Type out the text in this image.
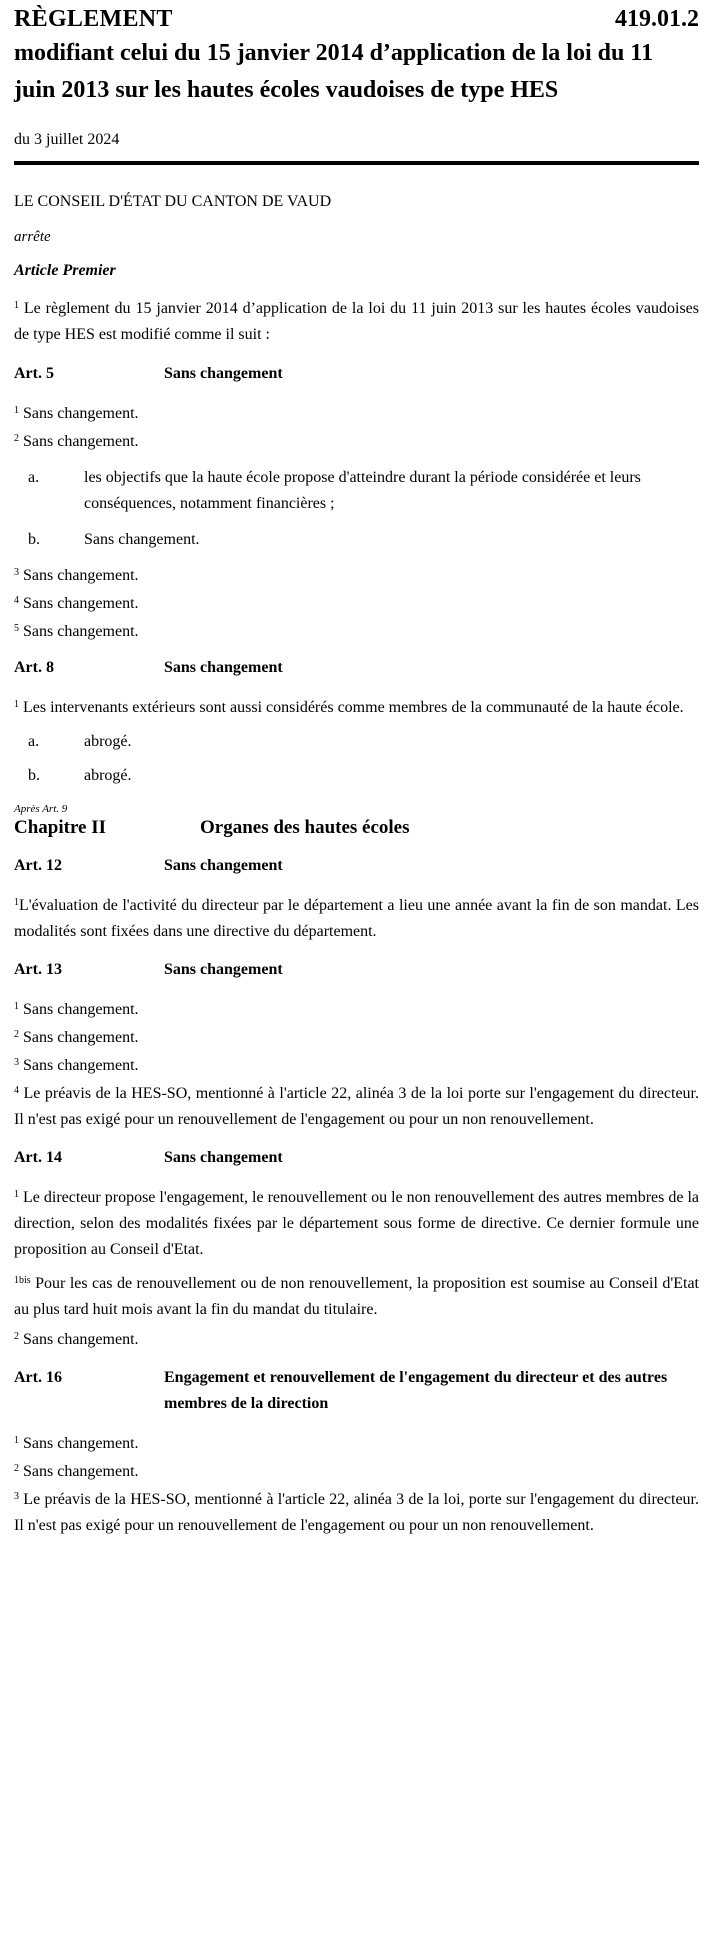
RÈGLEMENT	419.01.2
modifiant celui du 15 janvier 2014 d’application de la loi du 11 juin 2013 sur les hautes écoles vaudoises de type HES
du 3 juillet 2024
LE CONSEIL D'ÉTAT DU CANTON DE VAUD
arrête
Article Premier

$^1$ Le règlement du 15 janvier 2014 d’application de la loi du 11 juin 2013 sur les hautes écoles vaudoises de type HES est modifié comme il suit :

Art. 5	Sans changement

$^1$ Sans changement.

$^2$ Sans changement.

a.	les objectifs que la haute école propose d'atteindre durant la période considérée et leurs conséquences, notamment financières ;
b.	Sans changement.

$^3$ Sans changement.

$^4$ Sans changement.

$^5$ Sans changement.

Art. 8	Sans changement

$^1$ Les intervenants extérieurs sont aussi considérés comme membres de la communauté de la haute école.

a.	abrogé.
b.	abrogé.
Après Art. 9
Chapitre II	Organes des hautes écoles
Art. 12	Sans changement

$^1$L'évaluation de l'activité du directeur par le département a lieu une année avant la fin de son mandat. Les modalités sont fixées dans une directive du département.

Art. 13	Sans changement

$^1$ Sans changement.

$^2$ Sans changement.

$^3$ Sans changement.

$^4$ Le préavis de la HES-SO, mentionné à l'article 22, alinéa 3 de la loi porte sur l'engagement du directeur. Il n'est pas exigé pour un renouvellement de l'engagement ou pour un non renouvellement.

Art. 14	Sans changement

$^1$ Le directeur propose l'engagement, le renouvellement ou le non renouvellement des autres membres de la direction, selon des modalités fixées par le département sous forme de directive. Ce dernier formule une proposition au Conseil d'Etat.

$^{1bis}$ Pour les cas de renouvellement ou de non renouvellement, la proposition est soumise au Conseil d'Etat au plus tard huit mois avant la fin du mandat du titulaire.

$^2$ Sans changement.

Art. 16	Engagement et renouvellement de l'engagement du directeur et des autres membres de la direction

$^1$ Sans changement.

$^2$ Sans changement.

$^3$ Le préavis de la HES-SO, mentionné à l'article 22, alinéa 3 de la loi, porte sur l'engagement du directeur. Il n'est pas exigé pour un renouvellement de l'engagement ou pour un non renouvellement.
